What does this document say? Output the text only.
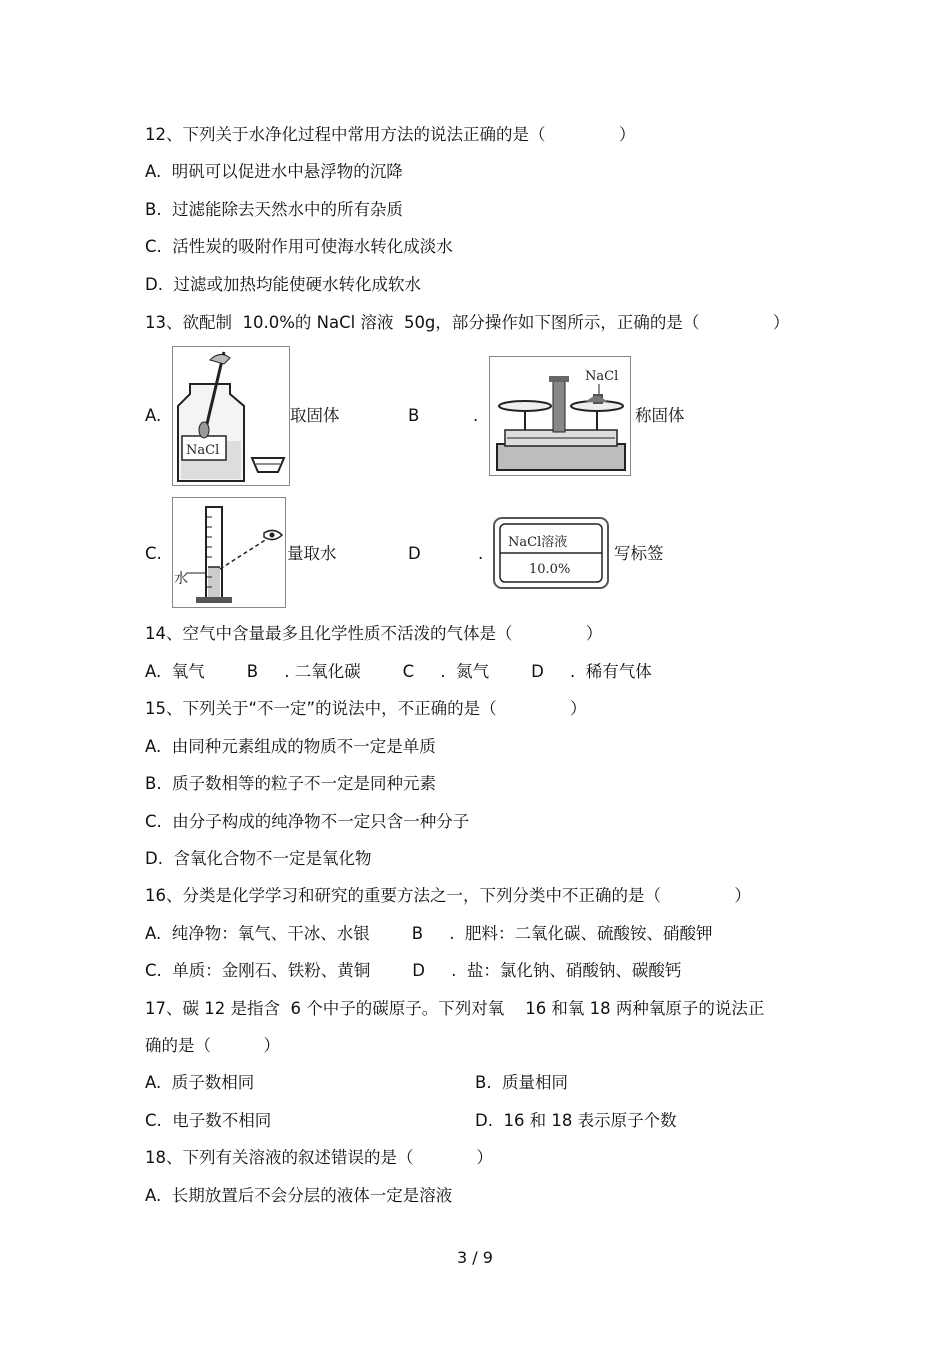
12、下列关于水净化过程中常用方法的说法正确的是（              ）
A.  明矾可以促进水中悬浮物的沉降
B.  过滤能除去天然水中的所有杂质
C.  活性炭的吸附作用可使海水转化成淡水
D.  过滤或加热均能使硬水转化成软水
13、欲配制  10.0%的 NaCl 溶液  50g，部分操作如下图所示，正确的是（              ）
A.
NaCl
取固体	B	.
NaCl
称固体
C.
水
量取水	D	.
NaCl溶液
10.0%
写标签
14、空气中含量最多且化学性质不活泼的气体是（              ）
A.  氧气        B     . 二氧化碳        C     .  氮气        D     .  稀有气体
15、下列关于“不一定”的说法中，不正确的是（              ）
A.  由同种元素组成的物质不一定是单质
B.  质子数相等的粒子不一定是同种元素
C.  由分子构成的纯净物不一定只含一种分子
D.  含氧化合物不一定是氧化物
16、分类是化学学习和研究的重要方法之一，下列分类中不正确的是（              ）
A.  纯净物：氧气、干冰、水银        B     .  肥料：二氧化碳、硫酸铵、硝酸钾
C.  单质：金刚石、铁粉、黄铜        D     .  盐：氯化钠、硝酸钠、碳酸钙
17、碳 12 是指含  6 个中子的碳原子。下列对氧    16 和氧 18 两种氧原子的说法正
确的是（          ）
A.  质子数相同	B.  质量相同
C.  电子数不相同	D.  16 和 18 表示原子个数
18、下列有关溶液的叙述错误的是（            ）
A.  长期放置后不会分层的液体一定是溶液
3 / 9
